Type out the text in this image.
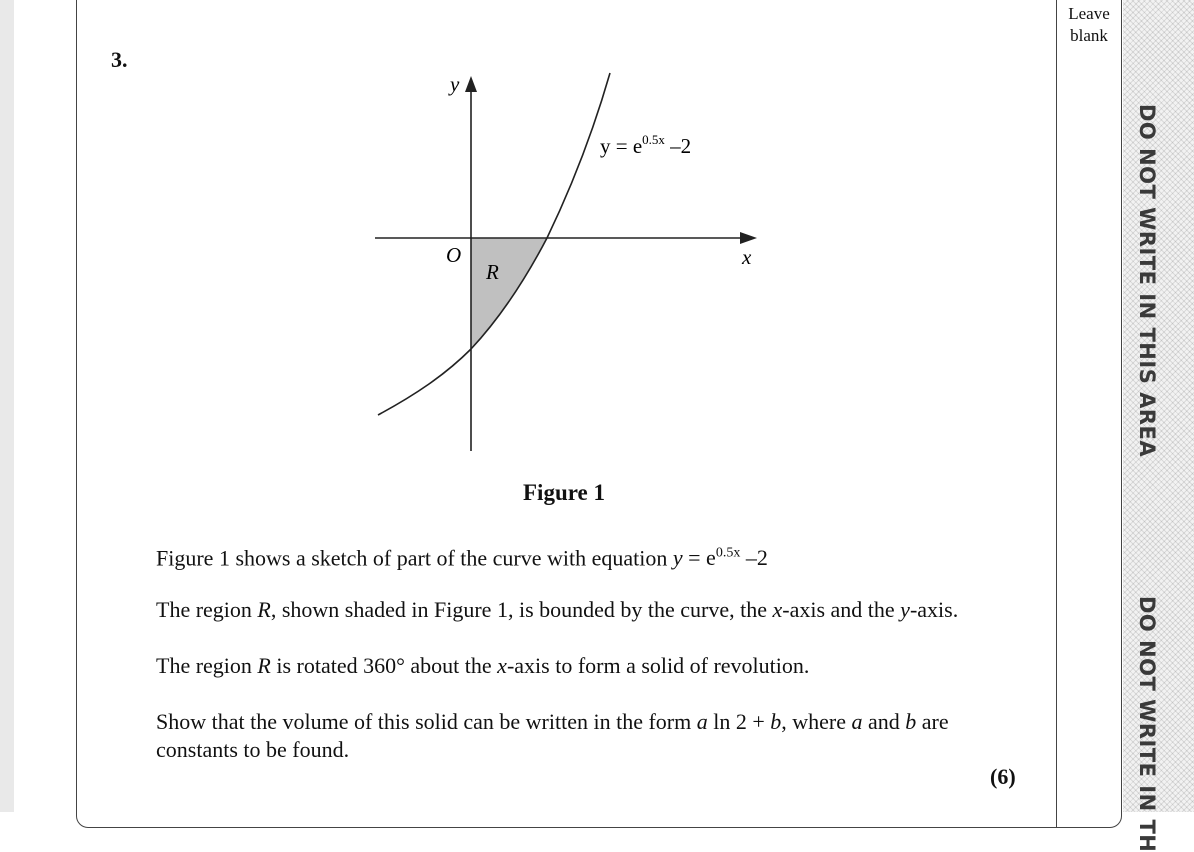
Leave
blank
DO NOT WRITE IN THIS AREA
DO NOT WRITE IN TH
3.
y
x
O
R
$y = e^{0.5x}$ –2
Figure 1
Figure 1 shows a sketch of part of the curve with equation $y = e^{0.5x}$ –2
The region R, shown shaded in Figure 1, is bounded by the curve, the x-axis and the y-axis.
The region R is rotated 360° about the x-axis to form a solid of revolution.
Show that the volume of this solid can be written in the form a ln 2 + b, where a and b are constants to be found.
(6)
